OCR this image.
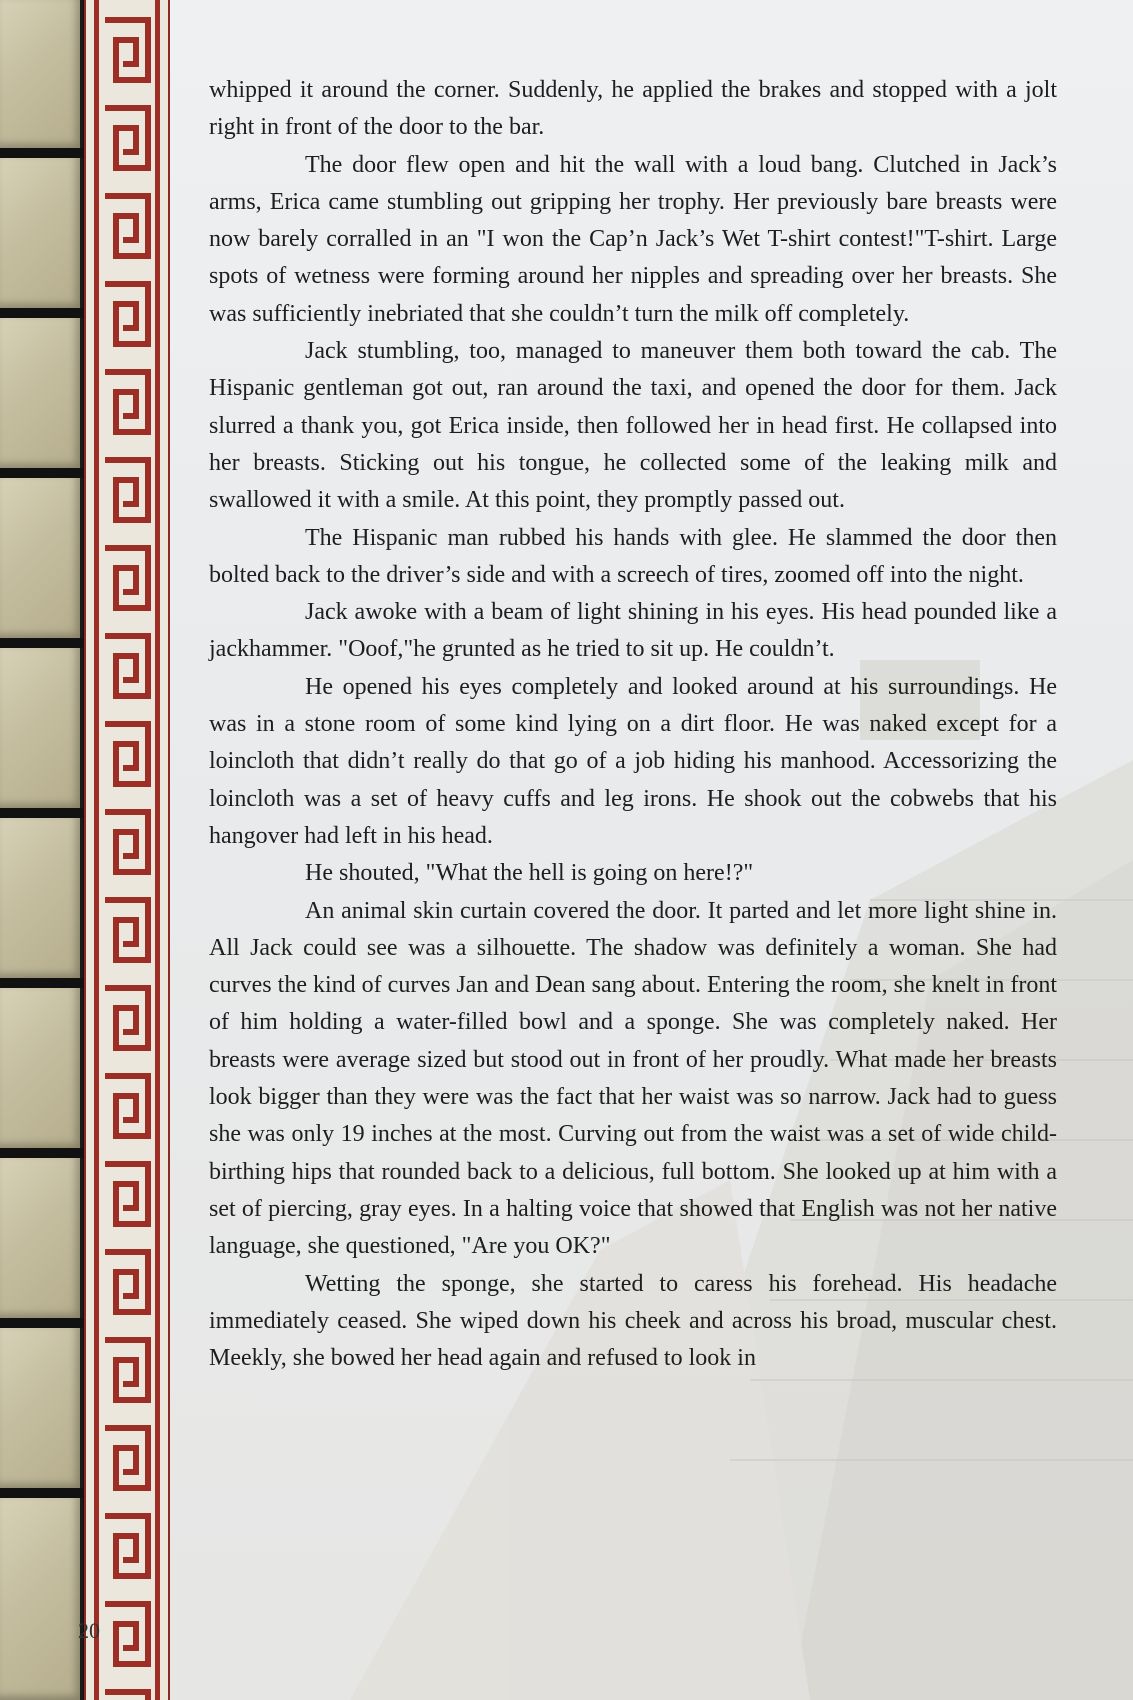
20

whipped it around the corner. Suddenly, he applied the brakes and stopped with a jolt right in front of the door to the bar.

The door flew open and hit the wall with a loud bang. Clutched in Jack’s arms, Erica came stumbling out gripping her trophy. Her previously bare breasts were now barely corralled in an "I won the Cap’n Jack’s Wet T-shirt contest!"T-shirt. Large spots of wetness were forming around her nipples and spreading over her breasts. She was sufficiently inebriated that she couldn’t turn the milk off completely.

Jack stumbling, too, managed to maneuver them both toward the cab. The Hispanic gentleman got out, ran around the taxi, and opened the door for them. Jack slurred a thank you, got Erica inside, then followed her in head first. He collapsed into her breasts. Sticking out his tongue, he collected some of the leaking milk and swallowed it with a smile. At this point, they promptly passed out.

The Hispanic man rubbed his hands with glee. He slammed the door then bolted back to the driver’s side and with a screech of tires, zoomed off into the night.

Jack awoke with a beam of light shining in his eyes. His head pounded like a jackhammer. "Ooof,"he grunted as he tried to sit up. He couldn’t.

He opened his eyes completely and looked around at his surroundings. He was in a stone room of some kind lying on a dirt floor. He was naked except for a loincloth that didn’t really do that go of a job hiding his manhood. Accessorizing the loincloth was a set of heavy cuffs and leg irons. He shook out the cobwebs that his hangover had left in his head.

He shouted, "What the hell is going on here!?"

An animal skin curtain covered the door. It parted and let more light shine in. All Jack could see was a silhouette. The shadow was definitely a woman. She had curves the kind of curves Jan and Dean sang about. Entering the room, she knelt in front of him holding a water-filled bowl and a sponge. She was completely naked. Her breasts were average sized but stood out in front of her proudly. What made her breasts look bigger than they were was the fact that her waist was so narrow. Jack had to guess she was only 19 inches at the most. Curving out from the waist was a set of wide child-birthing hips that rounded back to a delicious, full bottom. She looked up at him with a set of piercing, gray eyes. In a halting voice that showed that English was not her native language, she questioned, "Are you OK?"

Wetting the sponge, she started to caress his forehead. His headache immediately ceased. She wiped down his cheek and across his broad, muscular chest. Meekly, she bowed her head again and refused to look in
